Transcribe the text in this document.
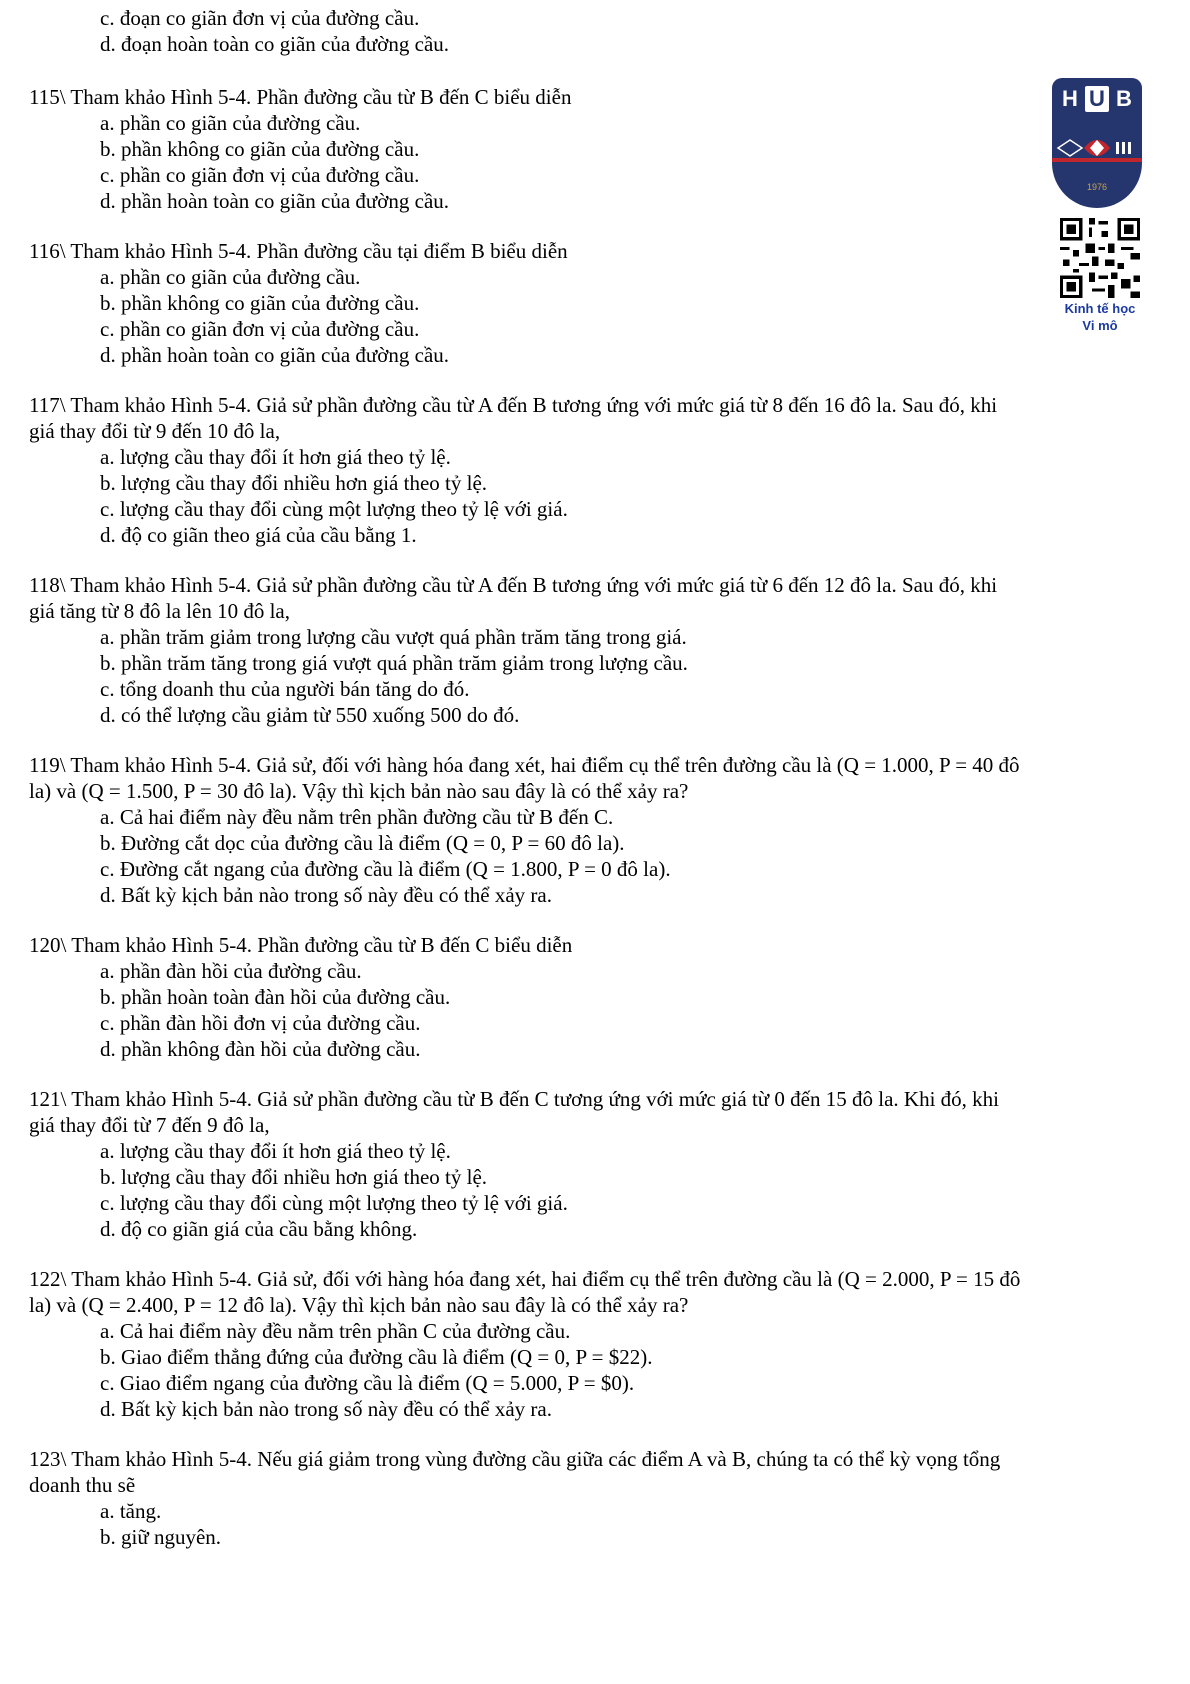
c. đoạn co giãn đơn vị của đường cầu.
d. đoạn hoàn toàn co giãn của đường cầu.
115\ Tham khảo Hình 5-4. Phần đường cầu từ B đến C biểu diễn
a. phần co giãn của đường cầu.
b. phần không co giãn của đường cầu.
c. phần co giãn đơn vị của đường cầu.
d. phần hoàn toàn co giãn của đường cầu.
116\ Tham khảo Hình 5-4. Phần đường cầu tại điểm B biểu diễn
a. phần co giãn của đường cầu.
b. phần không co giãn của đường cầu.
c. phần co giãn đơn vị của đường cầu.
d. phần hoàn toàn co giãn của đường cầu.
117\ Tham khảo Hình 5-4. Giả sử phần đường cầu từ A đến B tương ứng với mức giá từ 8 đến 16 đô la. Sau đó, khi
giá thay đổi từ 9 đến 10 đô la,
a. lượng cầu thay đổi ít hơn giá theo tỷ lệ.
b. lượng cầu thay đổi nhiều hơn giá theo tỷ lệ.
c. lượng cầu thay đổi cùng một lượng theo tỷ lệ với giá.
d. độ co giãn theo giá của cầu bằng 1.
118\ Tham khảo Hình 5-4. Giả sử phần đường cầu từ A đến B tương ứng với mức giá từ 6 đến 12 đô la. Sau đó, khi
giá tăng từ 8 đô la lên 10 đô la,
a. phần trăm giảm trong lượng cầu vượt quá phần trăm tăng trong giá.
b. phần trăm tăng trong giá vượt quá phần trăm giảm trong lượng cầu.
c. tổng doanh thu của người bán tăng do đó.
d. có thể lượng cầu giảm từ 550 xuống 500 do đó.
119\ Tham khảo Hình 5-4. Giả sử, đối với hàng hóa đang xét, hai điểm cụ thể trên đường cầu là (Q = 1.000, P = 40 đô
la) và (Q = 1.500, P = 30 đô la). Vậy thì kịch bản nào sau đây là có thể xảy ra?
a. Cả hai điểm này đều nằm trên phần đường cầu từ B đến C.
b. Đường cắt dọc của đường cầu là điểm (Q = 0, P = 60 đô la).
c. Đường cắt ngang của đường cầu là điểm (Q = 1.800, P = 0 đô la).
d. Bất kỳ kịch bản nào trong số này đều có thể xảy ra.
120\ Tham khảo Hình 5-4. Phần đường cầu từ B đến C biểu diễn
a. phần đàn hồi của đường cầu.
b. phần hoàn toàn đàn hồi của đường cầu.
c. phần đàn hồi đơn vị của đường cầu.
d. phần không đàn hồi của đường cầu.
121\ Tham khảo Hình 5-4. Giả sử phần đường cầu từ B đến C tương ứng với mức giá từ 0 đến 15 đô la. Khi đó, khi
giá thay đổi từ 7 đến 9 đô la,
a. lượng cầu thay đổi ít hơn giá theo tỷ lệ.
b. lượng cầu thay đổi nhiều hơn giá theo tỷ lệ.
c. lượng cầu thay đổi cùng một lượng theo tỷ lệ với giá.
d. độ co giãn giá của cầu bằng không.
122\ Tham khảo Hình 5-4. Giả sử, đối với hàng hóa đang xét, hai điểm cụ thể trên đường cầu là (Q = 2.000, P = 15 đô
la) và (Q = 2.400, P = 12 đô la). Vậy thì kịch bản nào sau đây là có thể xảy ra?
a. Cả hai điểm này đều nằm trên phần C của đường cầu.
b. Giao điểm thẳng đứng của đường cầu là điểm (Q = 0, P = $22).
c. Giao điểm ngang của đường cầu là điểm (Q = 5.000, P = $0).
d. Bất kỳ kịch bản nào trong số này đều có thể xảy ra.
123\ Tham khảo Hình 5-4. Nếu giá giảm trong vùng đường cầu giữa các điểm A và B, chúng ta có thể kỳ vọng tổng
doanh thu sẽ
a. tăng.
b. giữ nguyên.
H U B
1976
Kinh tế học
Vi mô
